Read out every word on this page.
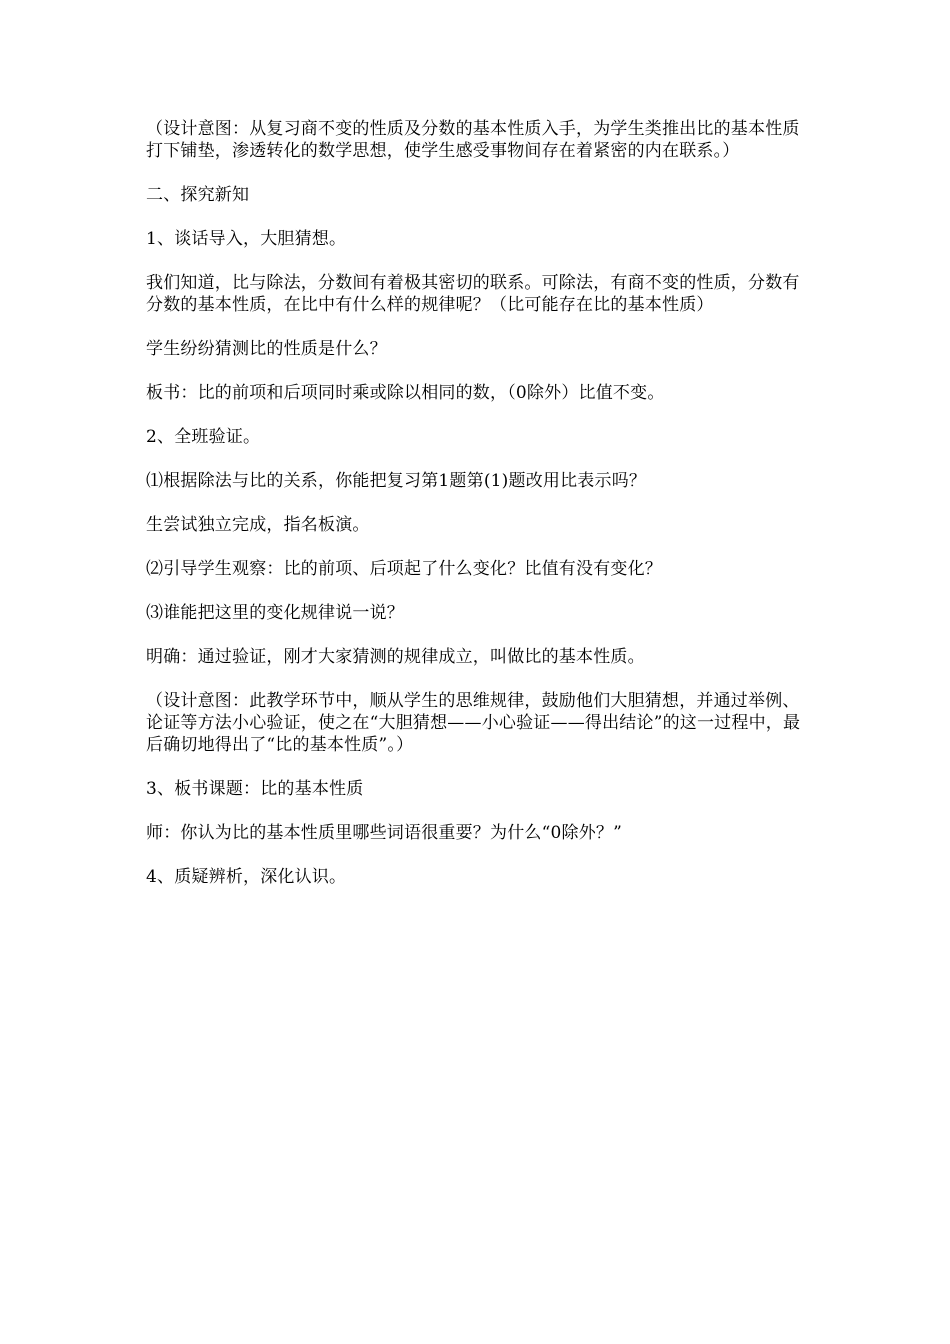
（设计意图：从复习商不变的性质及分数的基本性质入手，为学生类推出比的基本性质打下铺垫，渗透转化的数学思想，使学生感受事物间存在着紧密的内在联系。）

二、探究新知

1、谈话导入，大胆猜想。

我们知道，比与除法，分数间有着极其密切的联系。可除法，有商不变的性质，分数有分数的基本性质，在比中有什么样的规律呢？（比可能存在比的基本性质）

学生纷纷猜测比的性质是什么？

板书：比的前项和后项同时乘或除以相同的数，（0除外）比值不变。

2、全班验证。

⑴根据除法与比的关系，你能把复习第1题第(1)题改用比表示吗？

生尝试独立完成，指名板演。

⑵引导学生观察：比的前项、后项起了什么变化？比值有没有变化？

⑶谁能把这里的变化规律说一说？

明确：通过验证，刚才大家猜测的规律成立，叫做比的基本性质。

（设计意图：此教学环节中，顺从学生的思维规律，鼓励他们大胆猜想，并通过举例、论证等方法小心验证，使之在“大胆猜想——小心验证——得出结论”的这一过程中，最后确切地得出了“比的基本性质”。）

3、板书课题：比的基本性质

师：你认为比的基本性质里哪些词语很重要？为什么“0除外？”

4、质疑辨析，深化认识。
